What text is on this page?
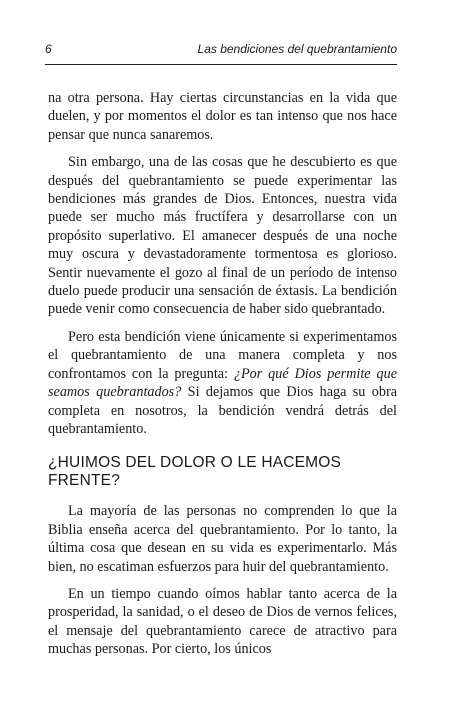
6	Las bendiciones del quebrantamiento

na otra persona. Hay ciertas circunstancias en la vida que duelen, y por momentos el dolor es tan intenso que nos hace pensar que nunca sanaremos.

Sin embargo, una de las cosas que he descubierto es que después del quebrantamiento se puede experimentar las bendiciones más grandes de Dios. Entonces, nuestra vida puede ser mucho más fructífera y desarrollarse con un propósito superlativo. El amanecer después de una noche muy oscura y devastadoramente tormentosa es glorioso. Sentir nuevamente el gozo al final de un período de intenso duelo puede producir una sensación de éxtasis. La bendición puede venir como consecuencia de haber sido quebrantado.

Pero esta bendición viene únicamente si experimentamos el quebrantamiento de una manera completa y nos confrontamos con la pregunta: ¿Por qué Dios permite que seamos quebrantados? Si dejamos que Dios haga su obra completa en nosotros, la bendición vendrá detrás del quebrantamiento.

¿HUIMOS DEL DOLOR O LE HACEMOS FRENTE?

La mayoría de las personas no comprenden lo que la Biblia enseña acerca del quebrantamiento. Por lo tanto, la última cosa que desean en su vida es experimentarlo. Más bien, no escatiman esfuerzos para huir del quebrantamiento.

En un tiempo cuando oímos hablar tanto acerca de la prosperidad, la sanidad, o el deseo de Dios de vernos felices, el mensaje del quebrantamiento carece de atractivo para muchas personas. Por cierto, los únicos
